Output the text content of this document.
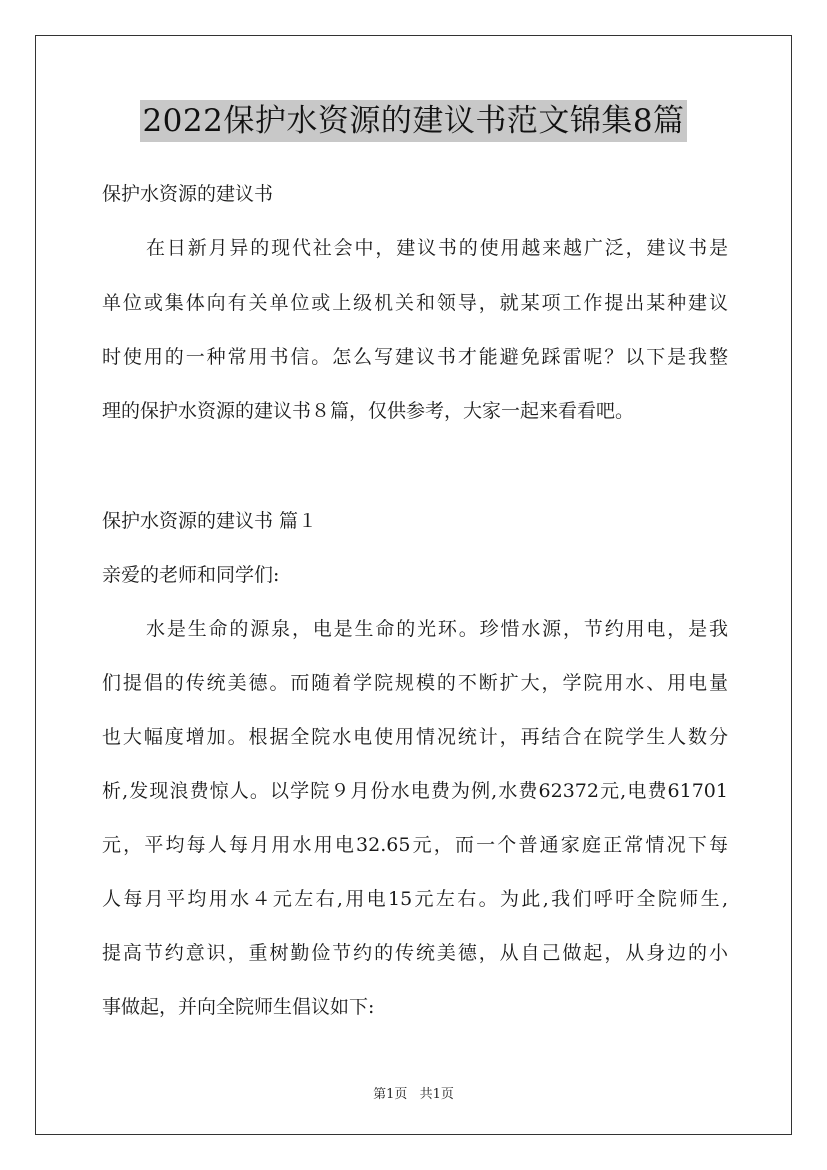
2022保护水资源的建议书范文锦集8篇
保护水资源的建议书
在日新月异的现代社会中，建议书的使用越来越广泛，建议书是
单位或集体向有关单位或上级机关和领导，就某项工作提出某种建议
时使用的一种常用书信。怎么写建议书才能避免踩雷呢？以下是我整
理的保护水资源的建议书８篇，仅供参考，大家一起来看看吧。
保护水资源的建议书 篇１
亲爱的老师和同学们:
水是生命的源泉，电是生命的光环。珍惜水源，节约用电，是我
们提倡的传统美德。而随着学院规模的不断扩大，学院用水、用电量
也大幅度增加。根据全院水电使用情况统计，再结合在院学生人数分
析,发现浪费惊人。以学院９月份水电费为例,水费62372元,电费61701
元，平均每人每月用水用电32.65元，而一个普通家庭正常情况下每
人每月平均用水４元左右,用电15元左右。为此,我们呼吁全院师生,
提高节约意识，重树勤俭节约的传统美德，从自己做起，从身边的小
事做起，并向全院师生倡议如下:
第1页 共1页
